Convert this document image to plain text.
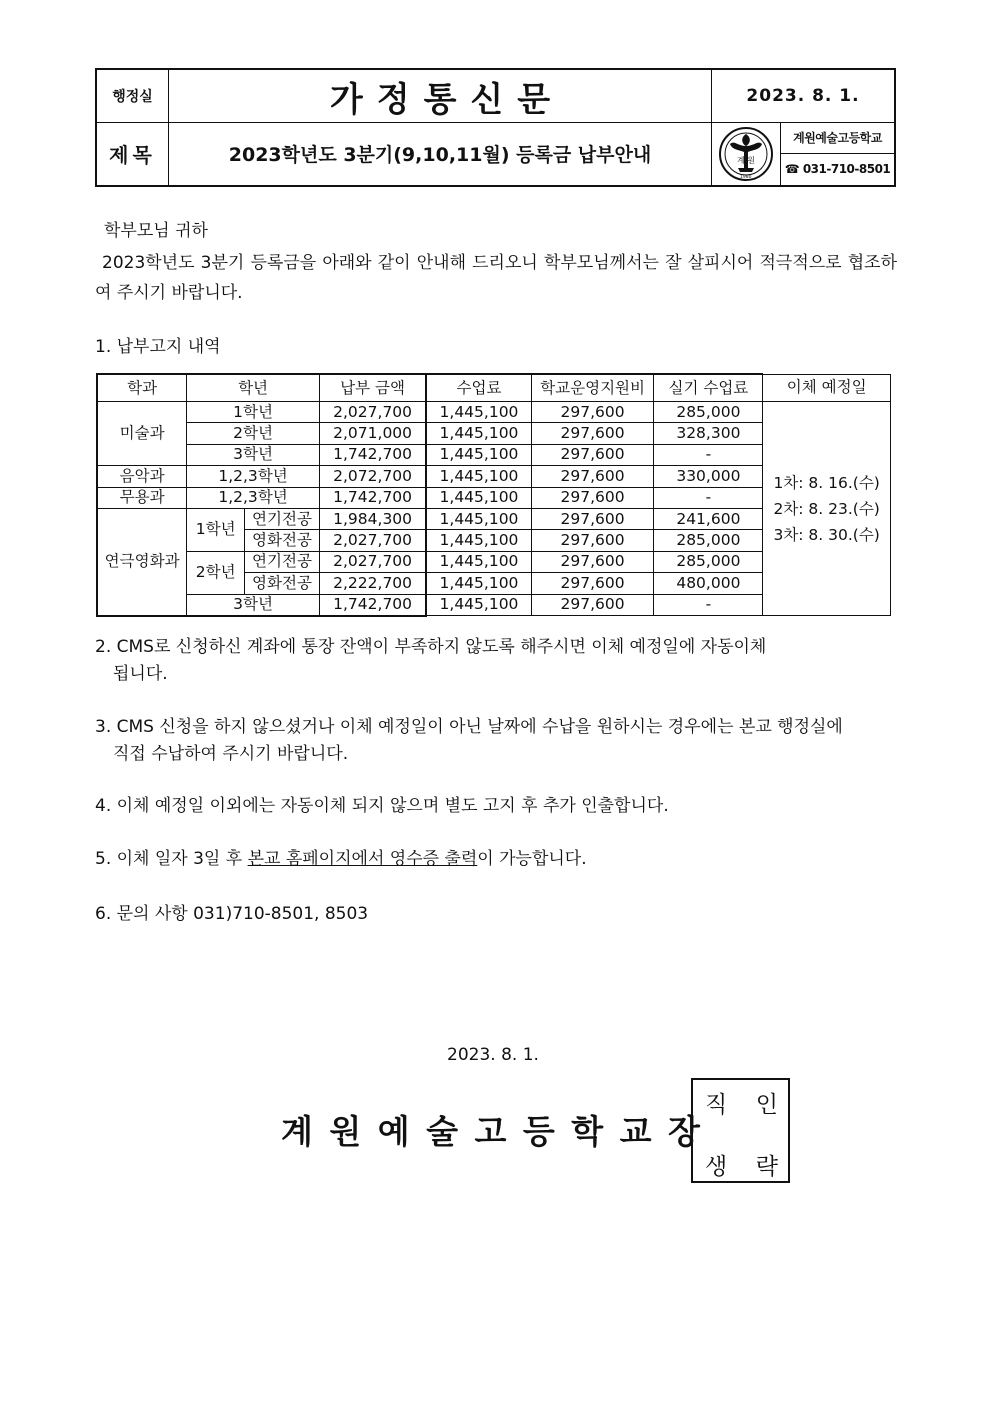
행정실	가정통신문	2023. 8. 1.
제목	2023학년도 3분기(9,10,11월) 등록금 납부안내	계 원
1980
계원예술고등학교
☎ 031-710-8501
학부모님 귀하
2023학년도 3분기 등록금을 아래와 같이 안내해 드리오니 학부모님께서는 잘 살피시어 적극적으로 협조하여 주시기 바랍니다.
1. 납부고지 내역
학과	학년		납부 금액	수업료	학교운영지원비	실기 수업료	이체 예정일
미술과	1학년		2,027,700	1,445,100	297,600	285,000	1차: 8. 16.(수)
2차: 8. 23.(수)
3차: 8. 30.(수)

	2학년		2,071,000	1,445,100	297,600	328,300	
	3학년		1,742,700	1,445,100	297,600	-	
음악과	1,2,3학년		2,072,700	1,445,100	297,600	330,000	
무용과	1,2,3학년		1,742,700	1,445,100	297,600	-	
연극영화과	1학년	연기전공	1,984,300	1,445,100	297,600	241,600	
		영화전공	2,027,700	1,445,100	297,600	285,000	
	2학년	연기전공	2,027,700	1,445,100	297,600	285,000	
		영화전공	2,222,700	1,445,100	297,600	480,000	
	3학년		1,742,700	1,445,100	297,600	-	
2. CMS로 신청하신 계좌에 통장 잔액이 부족하지 않도록 해주시면 이체 예정일에 자동이체
됩니다.
3. CMS 신청을 하지 않으셨거나 이체 예정일이 아닌 날짜에 수납을 원하시는 경우에는 본교 행정실에
직접 수납하여 주시기 바랍니다.
4. 이체 예정일 이외에는 자동이체 되지 않으며 별도 고지 후 추가 인출합니다.
5. 이체 일자 3일 후 본교 홈페이지에서 영수증 출력이 가능합니다.
6. 문의 사항 031)710-8501, 8503
2023. 8. 1.
계원예술고등학교장
직 인
생 략
